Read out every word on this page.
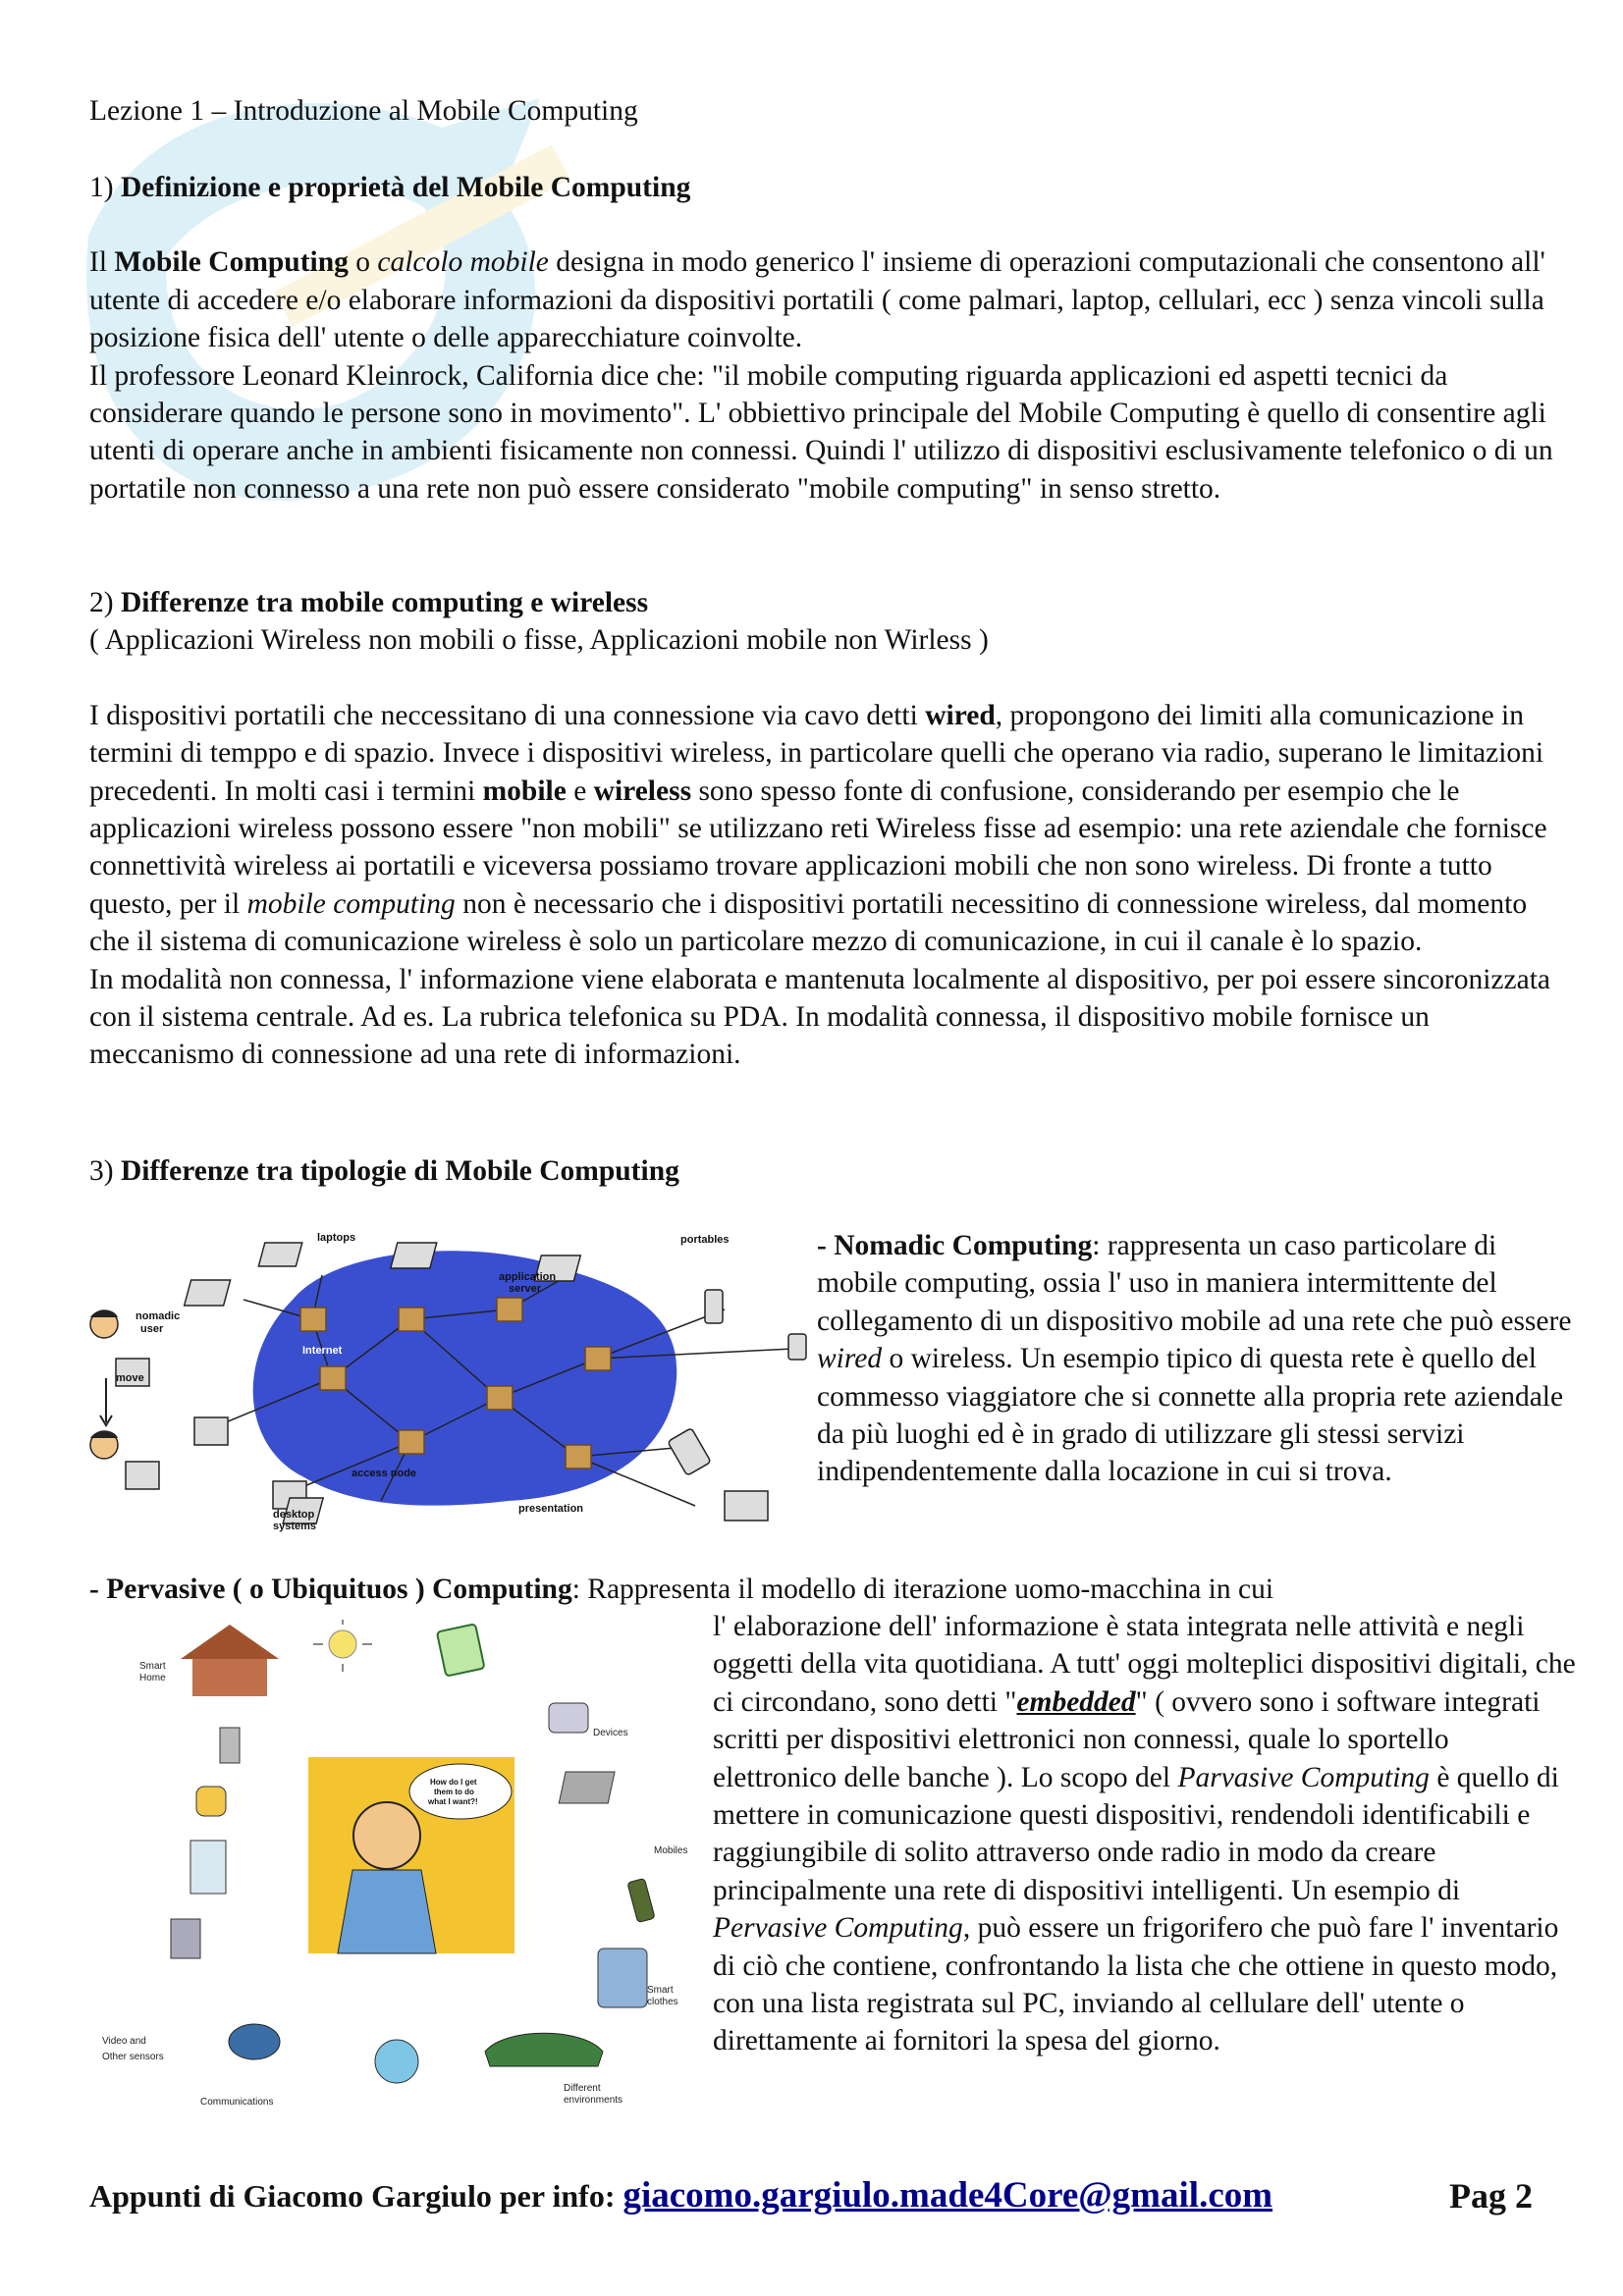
Lezione 1 – Introduzione al Mobile Computing

1) Definizione e proprietà del Mobile Computing

Il Mobile Computing o calcolo mobile designa in modo generico l' insieme di operazioni computazionali che consentono all' utente di accedere e/o elaborare informazioni da dispositivi portatili ( come palmari, laptop, cellulari, ecc ) senza vincoli sulla posizione fisica dell' utente o delle apparecchiature coinvolte.

Il professore Leonard Kleinrock, California dice che: "il mobile computing riguarda applicazioni ed aspetti tecnici da considerare quando le persone sono in movimento". L' obbiettivo principale del Mobile Computing è quello di consentire agli utenti di operare anche in ambienti fisicamente non connessi. Quindi l' utilizzo di dispositivi esclusivamente telefonico o di un portatile non connesso a una rete non può essere considerato "mobile computing" in senso stretto.

2) Differenze tra mobile computing e wireless

( Applicazioni Wireless non mobili o fisse, Applicazioni mobile non Wirless )

I dispositivi portatili che neccessitano di una connessione via cavo detti wired, propongono dei limiti alla comunicazione in termini di temppo e di spazio. Invece i dispositivi wireless, in particolare quelli che operano via radio, superano le limitazioni precedenti. In molti casi i termini mobile e wireless sono spesso fonte di confusione, considerando per esempio che le applicazioni wireless possono essere "non mobili" se utilizzano reti Wireless fisse ad esempio: una rete aziendale che fornisce connettività wireless ai portatili e viceversa possiamo trovare applicazioni mobili che non sono wireless. Di fronte a tutto questo, per il mobile computing non è necessario che i dispositivi portatili necessitino di connessione wireless, dal momento che il sistema di comunicazione wireless è solo un particolare mezzo di comunicazione, in cui il canale è lo spazio.

In modalità non connessa, l' informazione viene elaborata e mantenuta localmente al dispositivo, per poi essere sincoronizzata con il sistema centrale. Ad es. La rubrica telefonica su PDA. In modalità connessa, il dispositivo mobile fornisce un meccanismo di connessione ad una rete di informazioni.

3) Differenze tra tipologie di Mobile Computing
laptops	portables
nomadic
user
move
Internet
application
server
access node
desktop
systems
presentation
- Nomadic Computing: rappresenta un caso particolare di mobile computing, ossia l' uso in maniera intermittente del collegamento di un dispositivo mobile ad una rete che può essere wired o wireless. Un esempio tipico di questa rete è quello del commesso viaggiatore che si connette alla propria rete aziendale da più luoghi ed è in grado di utilizzare gli stessi servizi indipendentemente dalla locazione in cui si trova.
- Pervasive ( o Ubiquituos ) Computing: Rappresenta il modello di iterazione uomo-macchina in cui
How do I get
them to do
what I want?!
Smart
Home
Devices
Mobiles
Smart
clothes
Video and
Other sensors
Communications
Different
environments
l' elaborazione dell' informazione è stata integrata nelle attività e negli oggetti della vita quotidiana. A tutt' oggi molteplici dispositivi digitali, che ci circondano, sono detti "embedded" ( ovvero sono i software integrati scritti per dispositivi elettronici non connessi, quale lo sportello elettronico delle banche ). Lo scopo del Parvasive Computing è quello di mettere in comunicazione questi dispositivi, rendendoli identificabili e raggiungibile di solito attraverso onde radio in modo da creare principalmente una rete di dispositivi intelligenti. Un esempio di Pervasive Computing, può essere un frigorifero che può fare l' inventario di ciò che contiene, confrontando la lista che che ottiene in questo modo, con una lista registrata sul PC, inviando al cellulare dell' utente o direttamente ai fornitori la spesa del giorno.
Appunti di Giacomo Gargiulo per info: giacomo.gargiulo.made4Core@gmail.com	Pag 2
